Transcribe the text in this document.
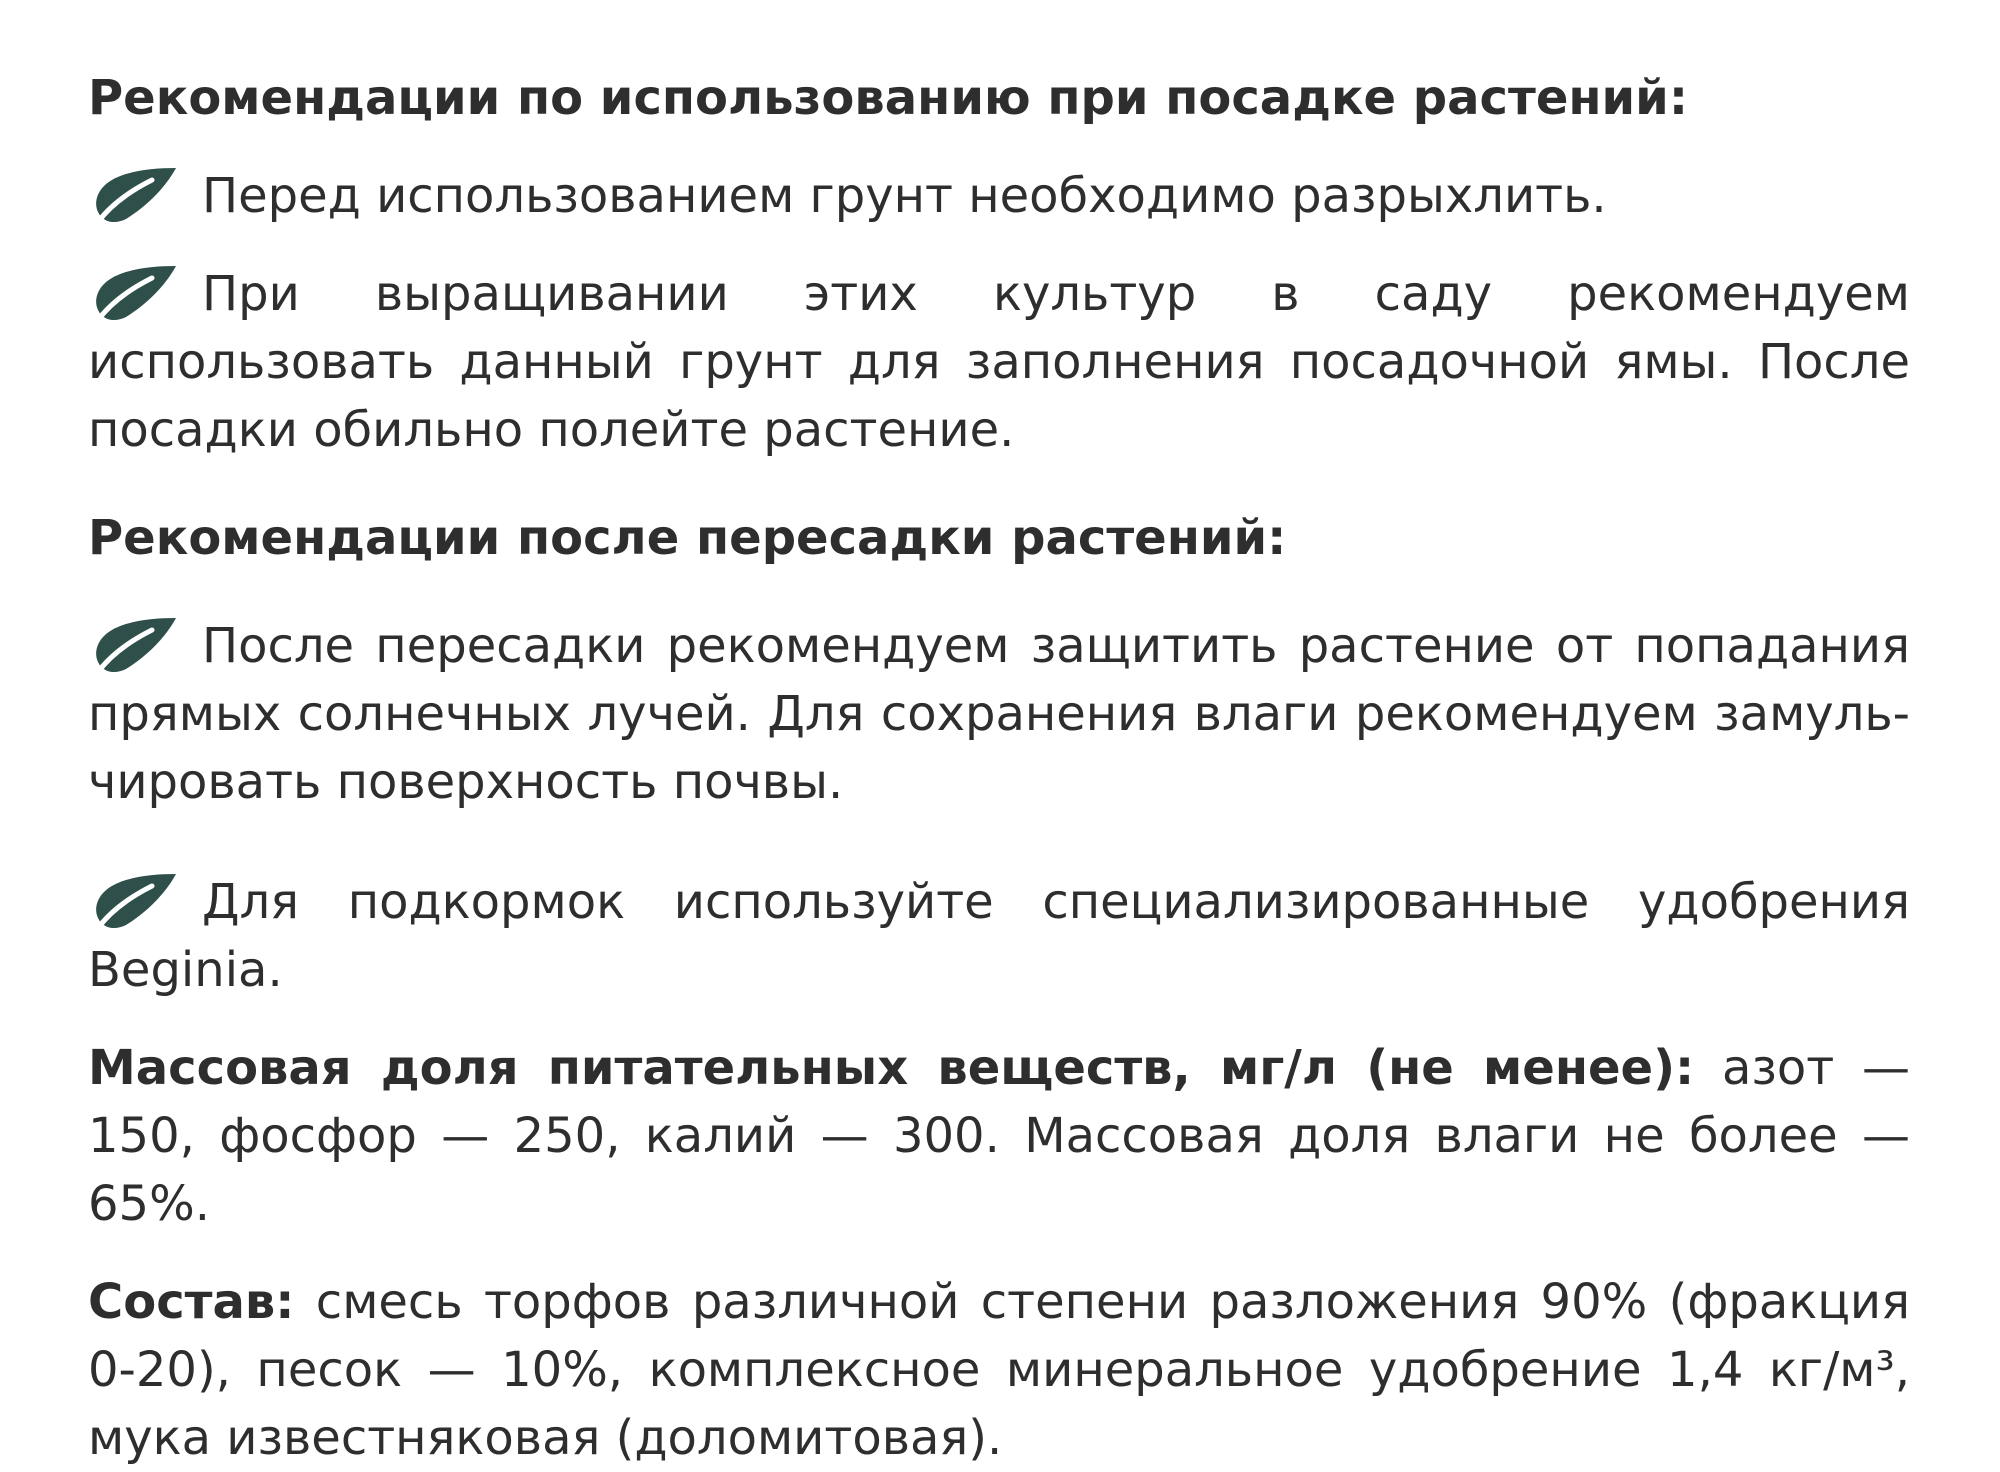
Рекомендации по использованию при посадке растений:

Перед использованием грунт необходимо разрыхлить.

При выращивании этих культур в саду рекомендуем использовать данный грунт для заполнения посадочной ямы. После посадки обильно полейте растение.

Рекомендации после пересадки растений:

После пересадки рекомендуем защитить растение от попадания прямых солнечных лучей. Для сохранения влаги рекомендуем замульчировать поверхность почвы.

Для подкормок используйте специализированные удобрения Beginia.

Массовая доля питательных веществ, мг/л (не менее): азот — 150, фосфор — 250, калий — 300. Массовая доля влаги не более — 65%.

Состав: смесь торфов различной степени разложения 90% (фракция 0-20), песок — 10%, комплексное минеральное удобрение 1,4 кг/м³, мука известняковая (доломитовая).
